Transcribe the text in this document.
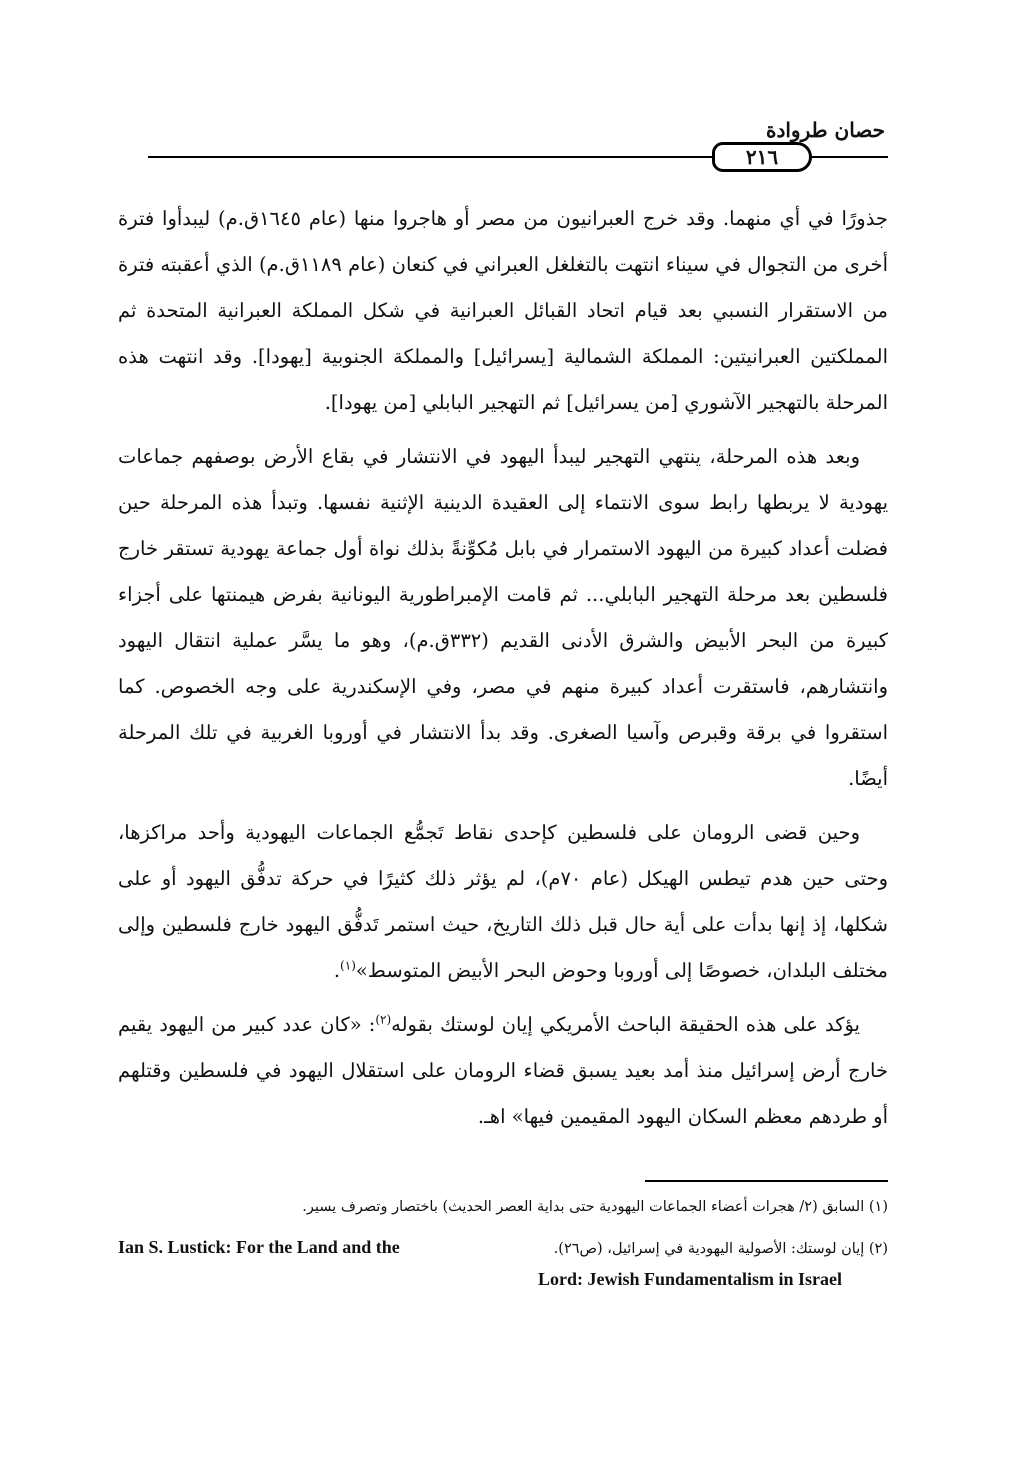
حصان طروادة
٢١٦

جذورًا في أي منهما. وقد خرج العبرانيون من مصر أو هاجروا منها (عام ١٦٤٥ق.م) ليبدأوا فترة أخرى من التجوال في سيناء انتهت بالتغلغل العبراني في كنعان (عام ١١٨٩ق.م) الذي أعقبته فترة من الاستقرار النسبي بعد قيام اتحاد القبائل العبرانية في شكل المملكة العبرانية المتحدة ثم المملكتين العبرانيتين: المملكة الشمالية [يسرائيل] والمملكة الجنوبية [يهودا]. وقد انتهت هذه المرحلة بالتهجير الآشوري [من يسرائيل] ثم التهجير البابلي [من يهودا].

وبعد هذه المرحلة، ينتهي التهجير ليبدأ اليهود في الانتشار في بقاع الأرض بوصفهم جماعات يهودية لا يربطها رابط سوى الانتماء إلى العقيدة الدينية الإثنية نفسها. وتبدأ هذه المرحلة حين فضلت أعداد كبيرة من اليهود الاستمرار في بابل مُكوِّنةً بذلك نواة أول جماعة يهودية تستقر خارج فلسطين بعد مرحلة التهجير البابلي... ثم قامت الإمبراطورية اليونانية بفرض هيمنتها على أجزاء كبيرة من البحر الأبيض والشرق الأدنى القديم (٣٣٢ق.م)، وهو ما يسَّر عملية انتقال اليهود وانتشارهم، فاستقرت أعداد كبيرة منهم في مصر، وفي الإسكندرية على وجه الخصوص. كما استقروا في برقة وقبرص وآسيا الصغرى. وقد بدأ الانتشار في أوروبا الغربية في تلك المرحلة أيضًا.

وحين قضى الرومان على فلسطين كإحدى نقاط تَجمُّع الجماعات اليهودية وأحد مراكزها، وحتى حين هدم تيطس الهيكل (عام ٧٠م)، لم يؤثر ذلك كثيرًا في حركة تدفُّق اليهود أو على شكلها، إذ إنها بدأت على أية حال قبل ذلك التاريخ، حيث استمر تَدفُّق اليهود خارج فلسطين وإلى مختلف البلدان، خصوصًا إلى أوروبا وحوض البحر الأبيض المتوسط»$^{(١)}$.

يؤكد على هذه الحقيقة الباحث الأمريكي إيان لوستك بقوله$^{(٢)}$: «كان عدد كبير من اليهود يقيم خارج أرض إسرائيل منذ أمد بعيد يسبق قضاء الرومان على استقلال اليهود في فلسطين وقتلهم أو طردهم معظم السكان اليهود المقيمين فيها» اهـ.

(١) السابق (٢/ هجرات أعضاء الجماعات اليهودية حتى بداية العصر الحديث) باختصار وتصرف يسير.
(٢) إيان لوستك: الأصولية اليهودية في إسرائيل، (ص٢٦).
Ian S. Lustick: For the Land and the
Lord: Jewish Fundamentalism in Israel
